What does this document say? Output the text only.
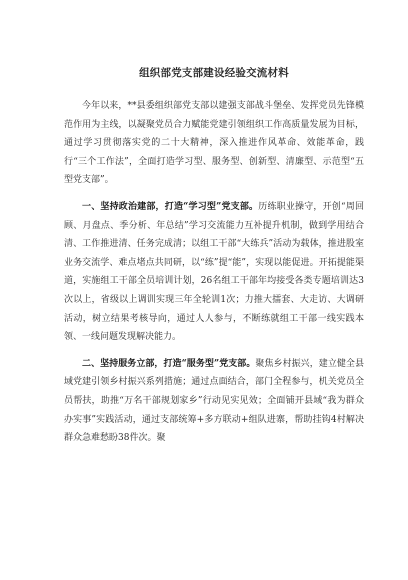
组织部党支部建设经验交流材料

今年以来，**县委组织部党支部以建强支部战斗堡垒、发挥党员先锋模范作用为主线，以凝聚党员合力赋能党建引领组织工作高质量发展为目标，通过学习贯彻落实党的二十大精神，深入推进作风革命、效能革命，践行“三个工作法”，全面打造学习型、服务型、创新型、清廉型、示范型“五型党支部”。

一、坚持政治建部，打造“学习型”党支部。历练职业操守，开创“周回顾、月盘点、季分析、年总结”学习交流能力互补提升机制，做到学用结合清、工作推进清、任务完成清；以组工干部“大练兵”活动为载体，推进股室业务交流学、难点堵点共同研，以“练”提“能”，实现以能促进。开拓提能渠道，实施组工干部全员培训计划，26名组工干部年均接受各类专题培训达3次以上，省级以上调训实现三年全轮训1次；力推大擂套、大走访、大调研活动，树立结果考核导向，通过人人参与，不断练就组工干部一线实践本领、一线问题发现解决能力。

二、坚持服务立部，打造“服务型”党支部。聚焦乡村振兴，建立健全县域党建引领乡村振兴系列措施；通过点面结合，部门全程参与，机关党员全员帮扶，助推“万名干部规划家乡”行动见实见效；全面铺开县域“我为群众办实事”实践活动，通过支部统筹+多方联动+组队进寨，帮助挂钩4村解决群众急难愁盼38件次。聚
